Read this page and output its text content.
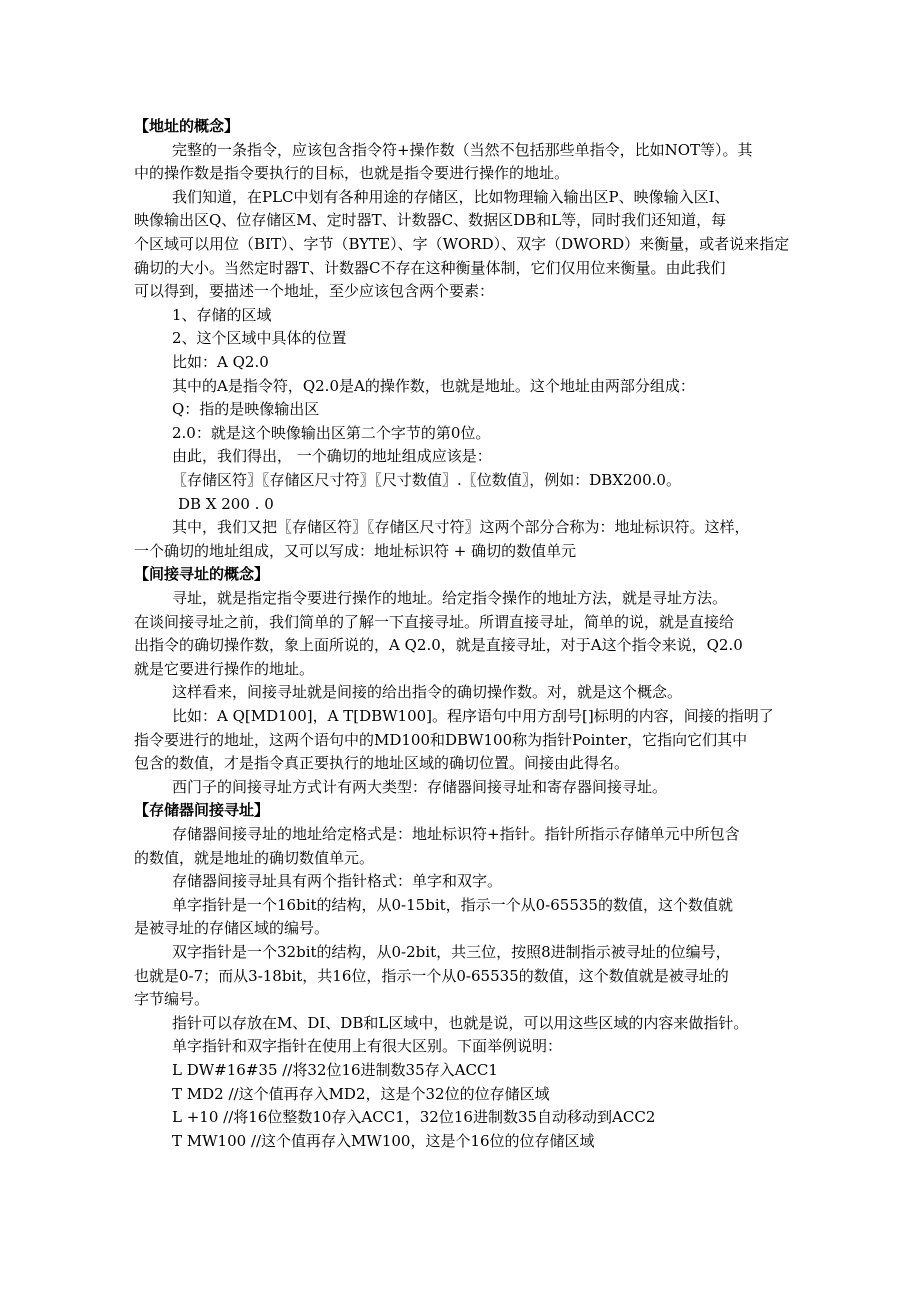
【地址的概念】
完整的一条指令，应该包含指令符+操作数（当然不包括那些单指令，比如NOT等）。其
中的操作数是指令要执行的目标，也就是指令要进行操作的地址。
我们知道，在PLC中划有各种用途的存储区，比如物理输入输出区P、映像输入区I、
映像输出区Q、位存储区M、定时器T、计数器C、数据区DB和L等，同时我们还知道，每
个区域可以用位（BIT）、字节（BYTE）、字（WORD）、双字（DWORD）来衡量，或者说来指定
确切的大小。当然定时器T、计数器C不存在这种衡量体制，它们仅用位来衡量。由此我们
可以得到，要描述一个地址，至少应该包含两个要素：
1、存储的区域
2、这个区域中具体的位置
比如：A Q2.0
其中的A是指令符，Q2.0是A的操作数，也就是地址。这个地址由两部分组成：
Q：指的是映像输出区
2.0：就是这个映像输出区第二个字节的第0位。
由此，我们得出， 一个确切的地址组成应该是：
〖存储区符〗〖存储区尺寸符〗〖尺寸数值〗.〖位数值〗，例如：DBX200.0。
DB X 200 . 0
其中，我们又把〖存储区符〗〖存储区尺寸符〗这两个部分合称为：地址标识符。这样，
一个确切的地址组成，又可以写成：地址标识符 + 确切的数值单元
【间接寻址的概念】
寻址，就是指定指令要进行操作的地址。给定指令操作的地址方法，就是寻址方法。
在谈间接寻址之前，我们简单的了解一下直接寻址。所谓直接寻址，简单的说，就是直接给
出指令的确切操作数，象上面所说的，A Q2.0，就是直接寻址，对于A这个指令来说，Q2.0
就是它要进行操作的地址。
这样看来，间接寻址就是间接的给出指令的确切操作数。对，就是这个概念。
比如：A Q[MD100]，A T[DBW100]。程序语句中用方刮号[]标明的内容，间接的指明了
指令要进行的地址，这两个语句中的MD100和DBW100称为指针Pointer，它指向它们其中
包含的数值，才是指令真正要执行的地址区域的确切位置。间接由此得名。
西门子的间接寻址方式计有两大类型：存储器间接寻址和寄存器间接寻址。
【存储器间接寻址】
存储器间接寻址的地址给定格式是：地址标识符+指针。指针所指示存储单元中所包含
的数值，就是地址的确切数值单元。
存储器间接寻址具有两个指针格式：单字和双字。
单字指针是一个16bit的结构，从0-15bit，指示一个从0-65535的数值，这个数值就
是被寻址的存储区域的编号。
双字指针是一个32bit的结构，从0-2bit，共三位，按照8进制指示被寻址的位编号，
也就是0-7；而从3-18bit，共16位，指示一个从0-65535的数值，这个数值就是被寻址的
字节编号。
指针可以存放在M、DI、DB和L区域中，也就是说，可以用这些区域的内容来做指针。
单字指针和双字指针在使用上有很大区别。下面举例说明：
L DW#16#35 //将32位16进制数35存入ACC1
T MD2 //这个值再存入MD2，这是个32位的位存储区域
L +10 //将16位整数10存入ACC1，32位16进制数35自动移动到ACC2
T MW100 //这个值再存入MW100，这是个16位的位存储区域
